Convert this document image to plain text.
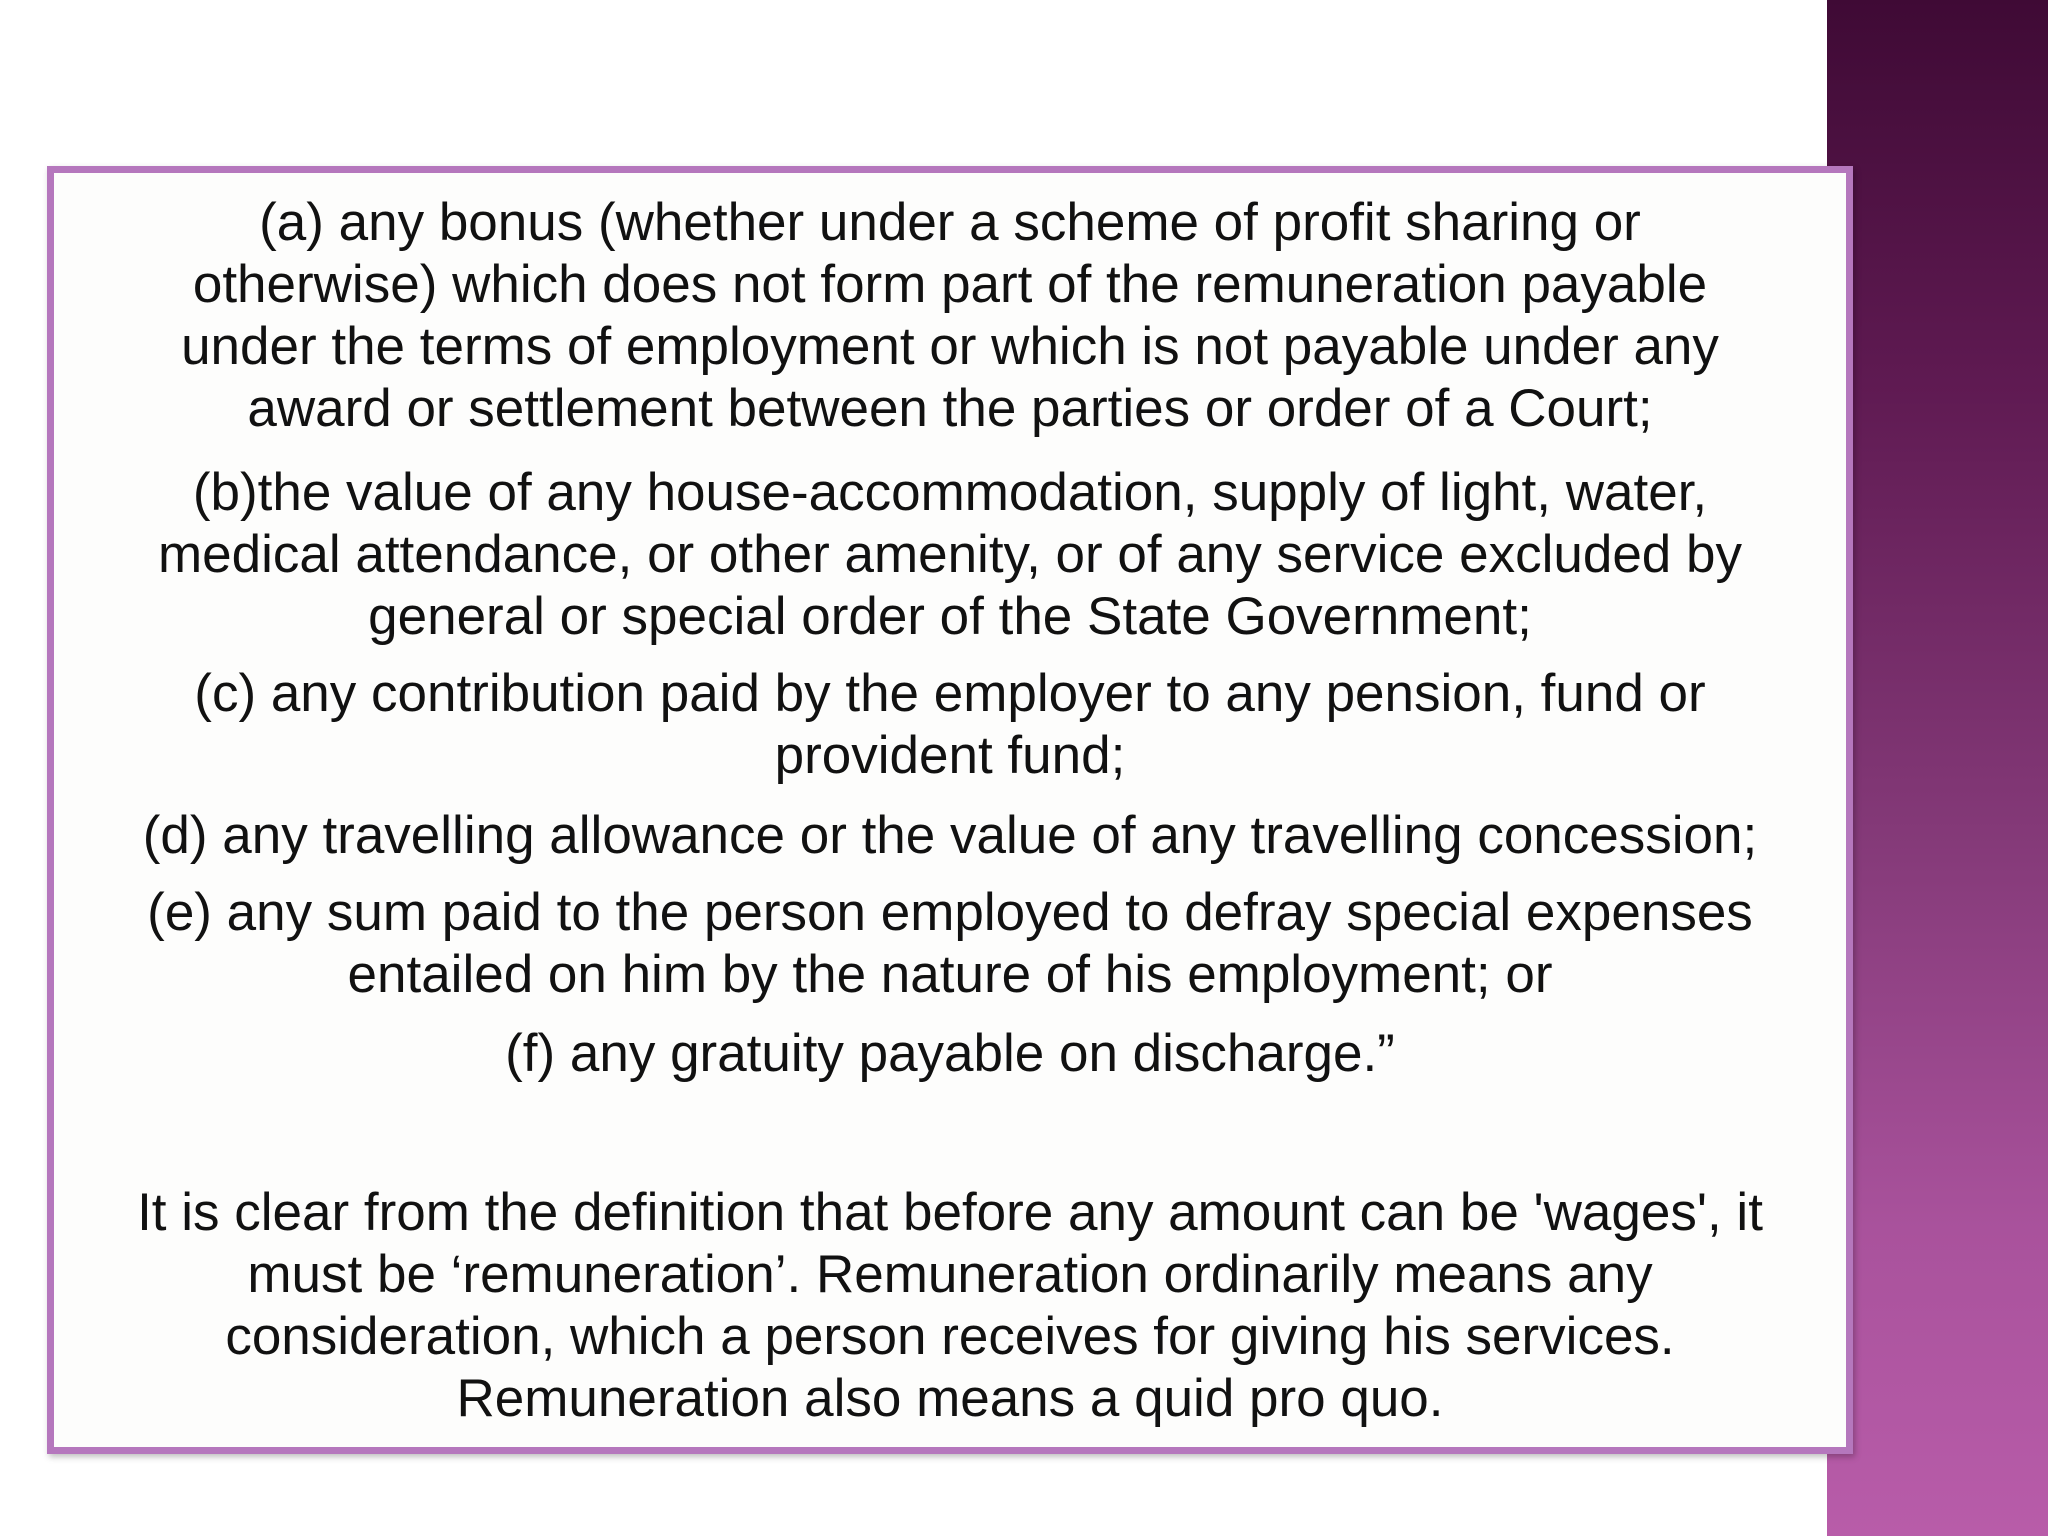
(a) any bonus (whether under a scheme of profit sharing or
otherwise) which does not form part of the remuneration payable
under the terms of employment or which is not payable under any
award or settlement between the parties or order of a Court;

(b)the value of any house-accommodation, supply of light, water,
medical attendance, or other amenity, or of any service excluded by
general or special order of the State Government;

(c) any contribution paid by the employer to any pension, fund or
provident fund;

(d) any travelling allowance or the value of any travelling concession;

(e) any sum paid to the person employed to defray special expenses
entailed on him by the nature of his employment; or

(f) any gratuity payable on discharge.”

It is clear from the definition that before any amount can be 'wages', it
must be ‘remuneration’. Remuneration ordinarily means any
consideration, which a person receives for giving his services.
Remuneration also means a quid pro quo.
